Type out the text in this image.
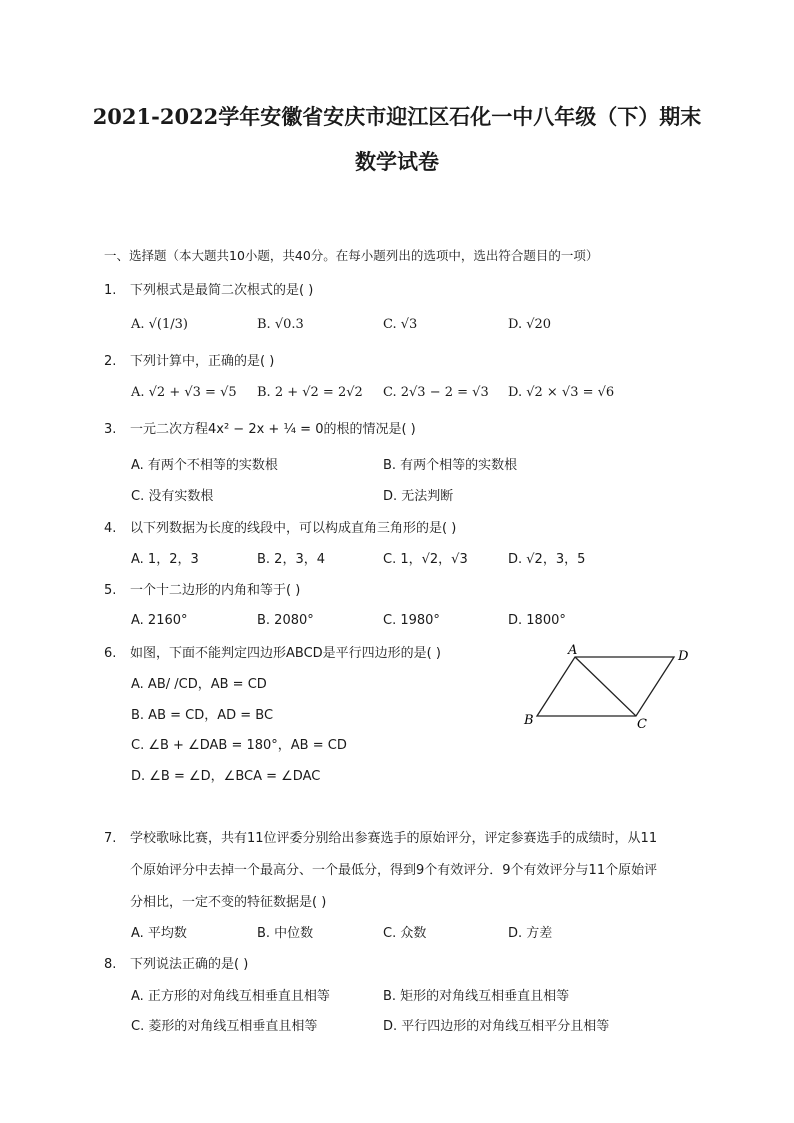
2021-2022学年安徽省安庆市迎江区石化一中八年级（下）期末
数学试卷
一、选择题（本大题共10小题，共40分。在每小题列出的选项中，选出符合题目的一项）
1. 下列根式是最简二次根式的是( )
A. √(1/3)	B. √0.3	C. √3	D. √20
2. 下列计算中，正确的是( )
A. √2 + √3 = √5 B. 2 + √2 = 2√2 C. 2√3 − 2 = √3 D. √2 × √3 = √6
3. 一元二次方程4x² − 2x + ¼ = 0的根的情况是( )
A. 有两个不相等的实数根	B. 有两个相等的实数根
C. 没有实数根	D. 无法判断
4. 以下列数据为长度的线段中，可以构成直角三角形的是( )
A. 1，2，3	B. 2，3，4	C. 1，√2，√3	D. √2，3，5
5. 一个十二边形的内角和等于( )
A. 2160°	B. 2080°	C. 1980°	D. 1800°
6. 如图，下面不能判定四边形ABCD是平行四边形的是( )
A. AB/ /CD，AB = CD
B. AB = CD，AD = BC
C. ∠B + ∠DAB = 180°，AB = CD
D. ∠B = ∠D，∠BCA = ∠DAC
A
B	C
D
7.	学校歌咏比赛，共有11位评委分别给出参赛选手的原始评分，评定参赛选手的成绩时，从11
个原始评分中去掉一个最高分、一个最低分，得到9个有效评分．9个有效评分与11个原始评
分相比，一定不变的特征数据是( )
A. 平均数	B. 中位数	C. 众数	D. 方差
8. 下列说法正确的是( )
A. 正方形的对角线互相垂直且相等	B. 矩形的对角线互相垂直且相等
C. 菱形的对角线互相垂直且相等	D. 平行四边形的对角线互相平分且相等
